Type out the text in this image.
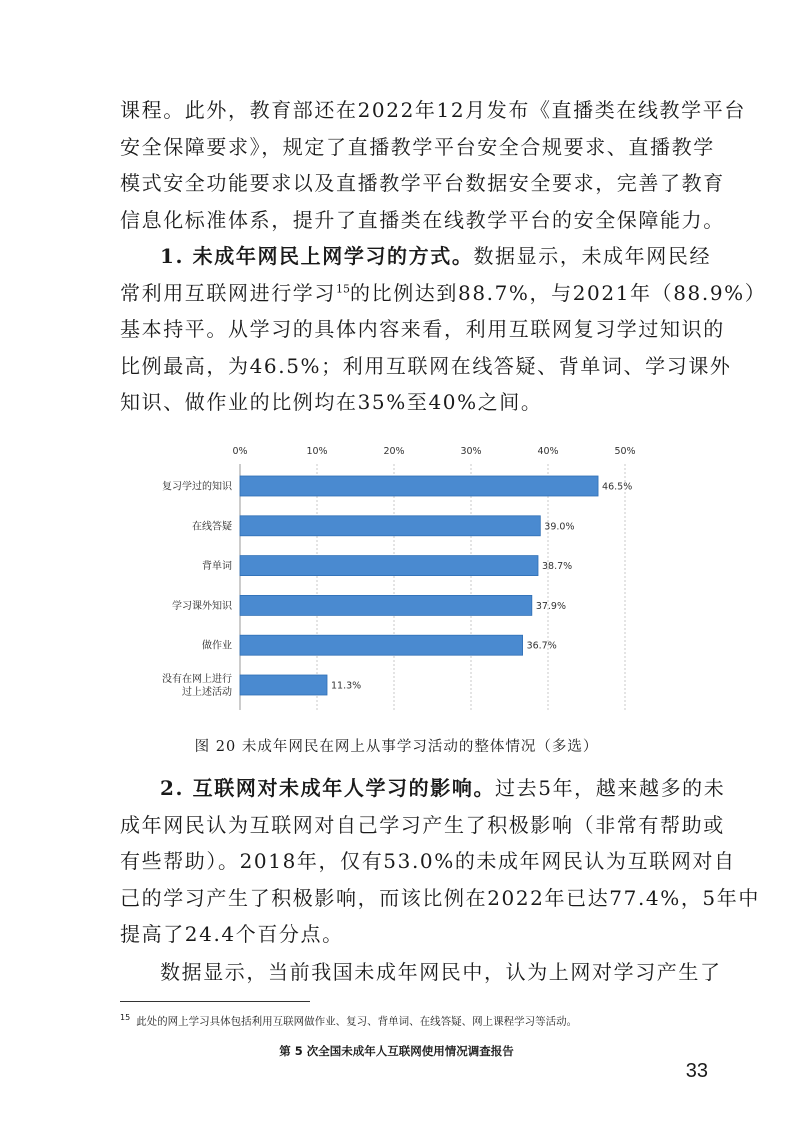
课程。此外，教育部还在2022年12月发布《直播类在线教学平台
安全保障要求》，规定了直播教学平台安全合规要求、直播教学
模式安全功能要求以及直播教学平台数据安全要求，完善了教育
信息化标准体系，提升了直播类在线教学平台的安全保障能力。
1. 未成年网民上网学习的方式。数据显示，未成年网民经
常利用互联网进行学习$^{15}$的比例达到88.7%，与2021年（88.9%）
基本持平。从学习的具体内容来看，利用互联网复习学过知识的
比例最高，为46.5%；利用互联网在线答疑、背单词、学习课外
知识、做作业的比例均在35%至40%之间。
0%	10%	20%	30%	40%	50%
46.5%
复习学过的知识
39.0%
在线答疑
38.7%
背单词
37.9%
学习课外知识
36.7%
做作业
11.3%
没有在网上进行
过上述活动
图 20 未成年网民在网上从事学习活动的整体情况（多选）
2. 互联网对未成年人学习的影响。过去5年，越来越多的未
成年网民认为互联网对自己学习产生了积极影响（非常有帮助或
有些帮助）。2018年，仅有53.0%的未成年网民认为互联网对自
己的学习产生了积极影响，而该比例在2022年已达77.4%，5年中
提高了24.4个百分点。
数据显示，当前我国未成年网民中，认为上网对学习产生了
$^{15}$ 此处的网上学习具体包括利用互联网做作业、复习、背单词、在线答疑、网上课程学习等活动。
第 5 次全国未成年人互联网使用情况调查报告
33
